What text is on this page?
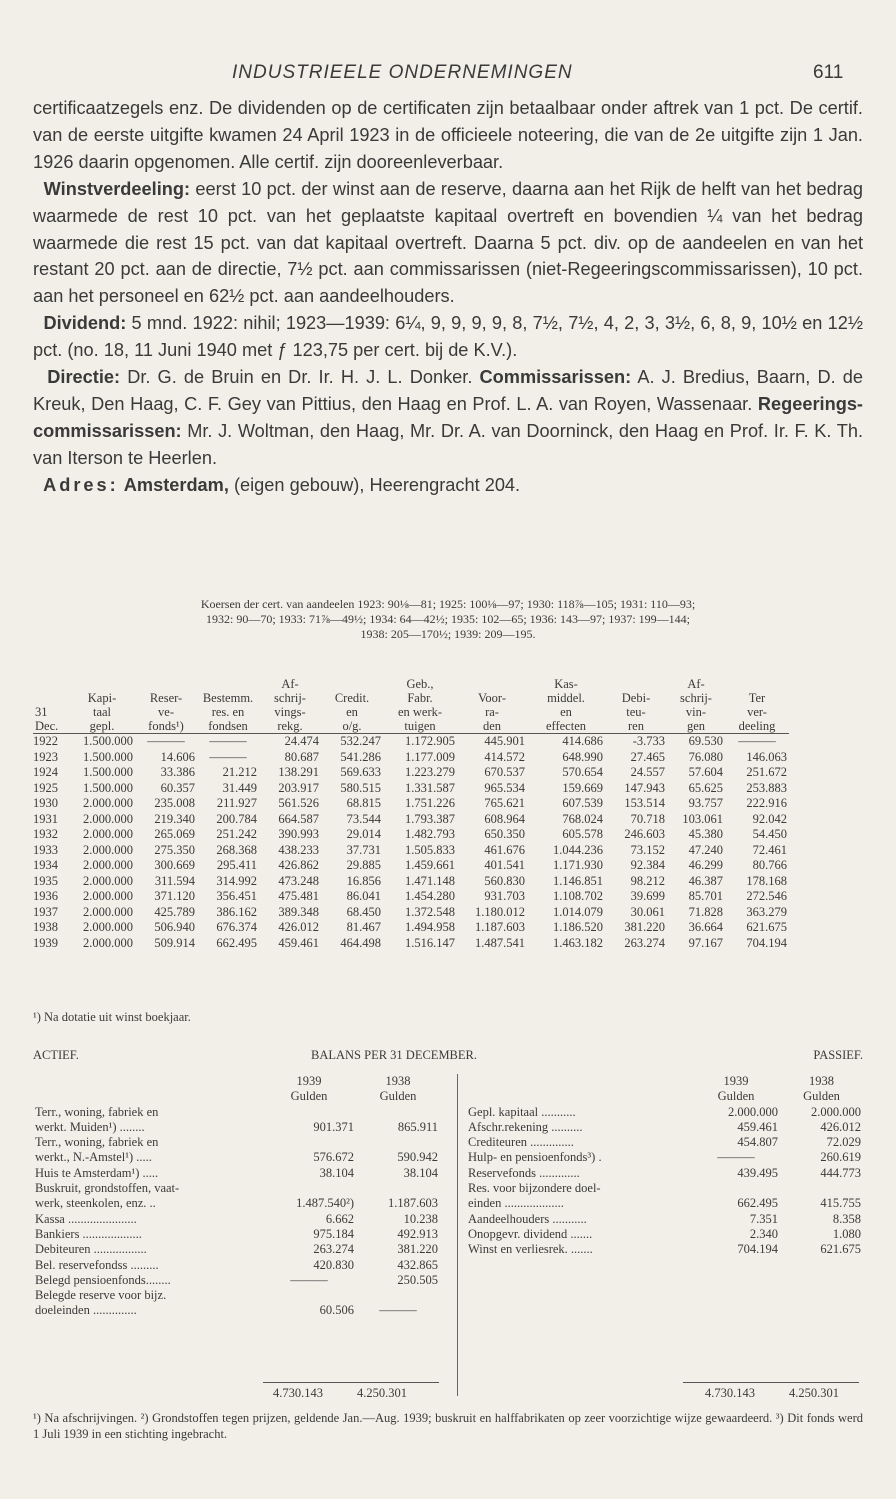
INDUSTRIEELE ONDERNEMINGEN	611

certificaatzegels enz. De dividenden op de certificaten zijn betaalbaar onder aftrek van 1 pct. De certif. van de eerste uitgifte kwamen 24 April 1923 in de officieele noteering, die van de 2e uitgifte zijn 1 Jan. 1926 daarin opgenomen. Alle certif. zijn dooreenleverbaar.

Winstverdeeling: eerst 10 pct. der winst aan de reserve, daarna aan het Rijk de helft van het bedrag waarmede de rest 10 pct. van het geplaatste kapitaal overtreft en bovendien ¼ van het bedrag waarmede die rest 15 pct. van dat kapitaal overtreft. Daarna 5 pct. div. op de aandeelen en van het restant 20 pct. aan de directie, 7½ pct. aan commissarissen (niet-Regeeringscommissarissen), 10 pct. aan het personeel en 62½ pct. aan aandeelhouders.

Dividend: 5 mnd. 1922: nihil; 1923—1939: 6¼, 9, 9, 9, 9, 8, 7½, 7½, 4, 2, 3, 3½, 6, 8, 9, 10½ en 12½ pct. (no. 18, 11 Juni 1940 met ƒ 123,75 per cert. bij de K.V.).

Directie: Dr. G. de Bruin en Dr. Ir. H. J. L. Donker. Commissarissen: A. J. Bredius, Baarn, D. de Kreuk, Den Haag, C. F. Gey van Pittius, den Haag en Prof. L. A. van Royen, Wassenaar. Regeerings-commissarissen: Mr. J. Woltman, den Haag, Mr. Dr. A. van Doorninck, den Haag en Prof. Ir. F. K. Th. van Iterson te Heerlen.

Adres: Amsterdam, (eigen gebouw), Heerengracht 204.

Koersen der cert. van aandeelen 1923: 90⅛—81; 1925: 100⅛—97; 1930: 118⅞—105; 1931: 110—93;
1932: 90—70; 1933: 71⅞—49½; 1934: 64—42½; 1935: 102—65; 1936: 143—97; 1937: 199—144;
1938: 205—170½; 1939: 209—195.
				Af-		Geb.,		Kas-		Af-	
	Kapi-	Reser-	Bestemm.	schrij-	Credit.	Fabr.	Voor-	middel.	Debi-	schrij-	Ter
31	taal	ve-	res. en	vings-	en	en werk-	ra-	en	teu-	vin-	ver-
Dec.	gepl.	fonds¹)	fondsen	rekg.	o/g.	tuigen	den	effecten	ren	gen	deeling
1922	1.500.000	———	———	24.474	532.247	1.172.905	445.901	414.686	-3.733	69.530	———
1923	1.500.000	14.606	———	80.687	541.286	1.177.009	414.572	648.990	27.465	76.080	146.063
1924	1.500.000	33.386	21.212	138.291	569.633	1.223.279	670.537	570.654	24.557	57.604	251.672
1925	1.500.000	60.357	31.449	203.917	580.515	1.331.587	965.534	159.669	147.943	65.625	253.883
1930	2.000.000	235.008	211.927	561.526	68.815	1.751.226	765.621	607.539	153.514	93.757	222.916
1931	2.000.000	219.340	200.784	664.587	73.544	1.793.387	608.964	768.024	70.718	103.061	92.042
1932	2.000.000	265.069	251.242	390.993	29.014	1.482.793	650.350	605.578	246.603	45.380	54.450
1933	2.000.000	275.350	268.368	438.233	37.731	1.505.833	461.676	1.044.236	73.152	47.240	72.461
1934	2.000.000	300.669	295.411	426.862	29.885	1.459.661	401.541	1.171.930	92.384	46.299	80.766
1935	2.000.000	311.594	314.992	473.248	16.856	1.471.148	560.830	1.146.851	98.212	46.387	178.168
1936	2.000.000	371.120	356.451	475.481	86.041	1.454.280	931.703	1.108.702	39.699	85.701	272.546
1937	2.000.000	425.789	386.162	389.348	68.450	1.372.548	1.180.012	1.014.079	30.061	71.828	363.279
1938	2.000.000	506.940	676.374	426.012	81.467	1.494.958	1.187.603	1.186.520	381.220	36.664	621.675
1939	2.000.000	509.914	662.495	459.461	464.498	1.516.147	1.487.541	1.463.182	263.274	97.167	704.194
¹) Na dotatie uit winst boekjaar.
ACTIEF.	BALANS PER 31 DECEMBER.	PASSIEF.
	1939	1938
	Gulden	Gulden
Terr., woning, fabriek en		
werkt. Muiden¹) ........	901.371	865.911
Terr., woning, fabriek en		
werkt., N.-Amstel¹) .....	576.672	590.942
Huis te Amsterdam¹) .....	38.104	38.104
Buskruit, grondstoffen, vaat-		
werk, steenkolen, enz. ..	1.487.540²)	1.187.603
Kassa ......................	6.662	10.238
Bankiers ...................	975.184	492.913
Debiteuren .................	263.274	381.220
Bel. reservefondss .........	420.830	432.865
Belegd pensioenfonds........	———	250.505
Belegde reserve voor bijz.		
doeleinden ..............	60.506	———
	1939	1938
	Gulden	Gulden
Gepl. kapitaal ...........	2.000.000	2.000.000
Afschr.rekening ..........	459.461	426.012
Crediteuren ..............	454.807	72.029
Hulp- en pensioenfonds³) .	———	260.619
Reservefonds .............	439.495	444.773
Res. voor bijzondere doel-		
einden ...................	662.495	415.755
Aandeelhouders ...........	7.351	8.358
Onopgevr. dividend .......	2.340	1.080
Winst en verliesrek. .......	704.194	621.675
4.730.143	4.250.301	4.730.143	4.250.301
¹) Na afschrijvingen. ²) Grondstoffen tegen prijzen, geldende Jan.—Aug. 1939; buskruit en halffabrikaten op zeer voorzichtige wijze gewaardeerd. ³) Dit fonds werd 1 Juli 1939 in een stichting ingebracht.
